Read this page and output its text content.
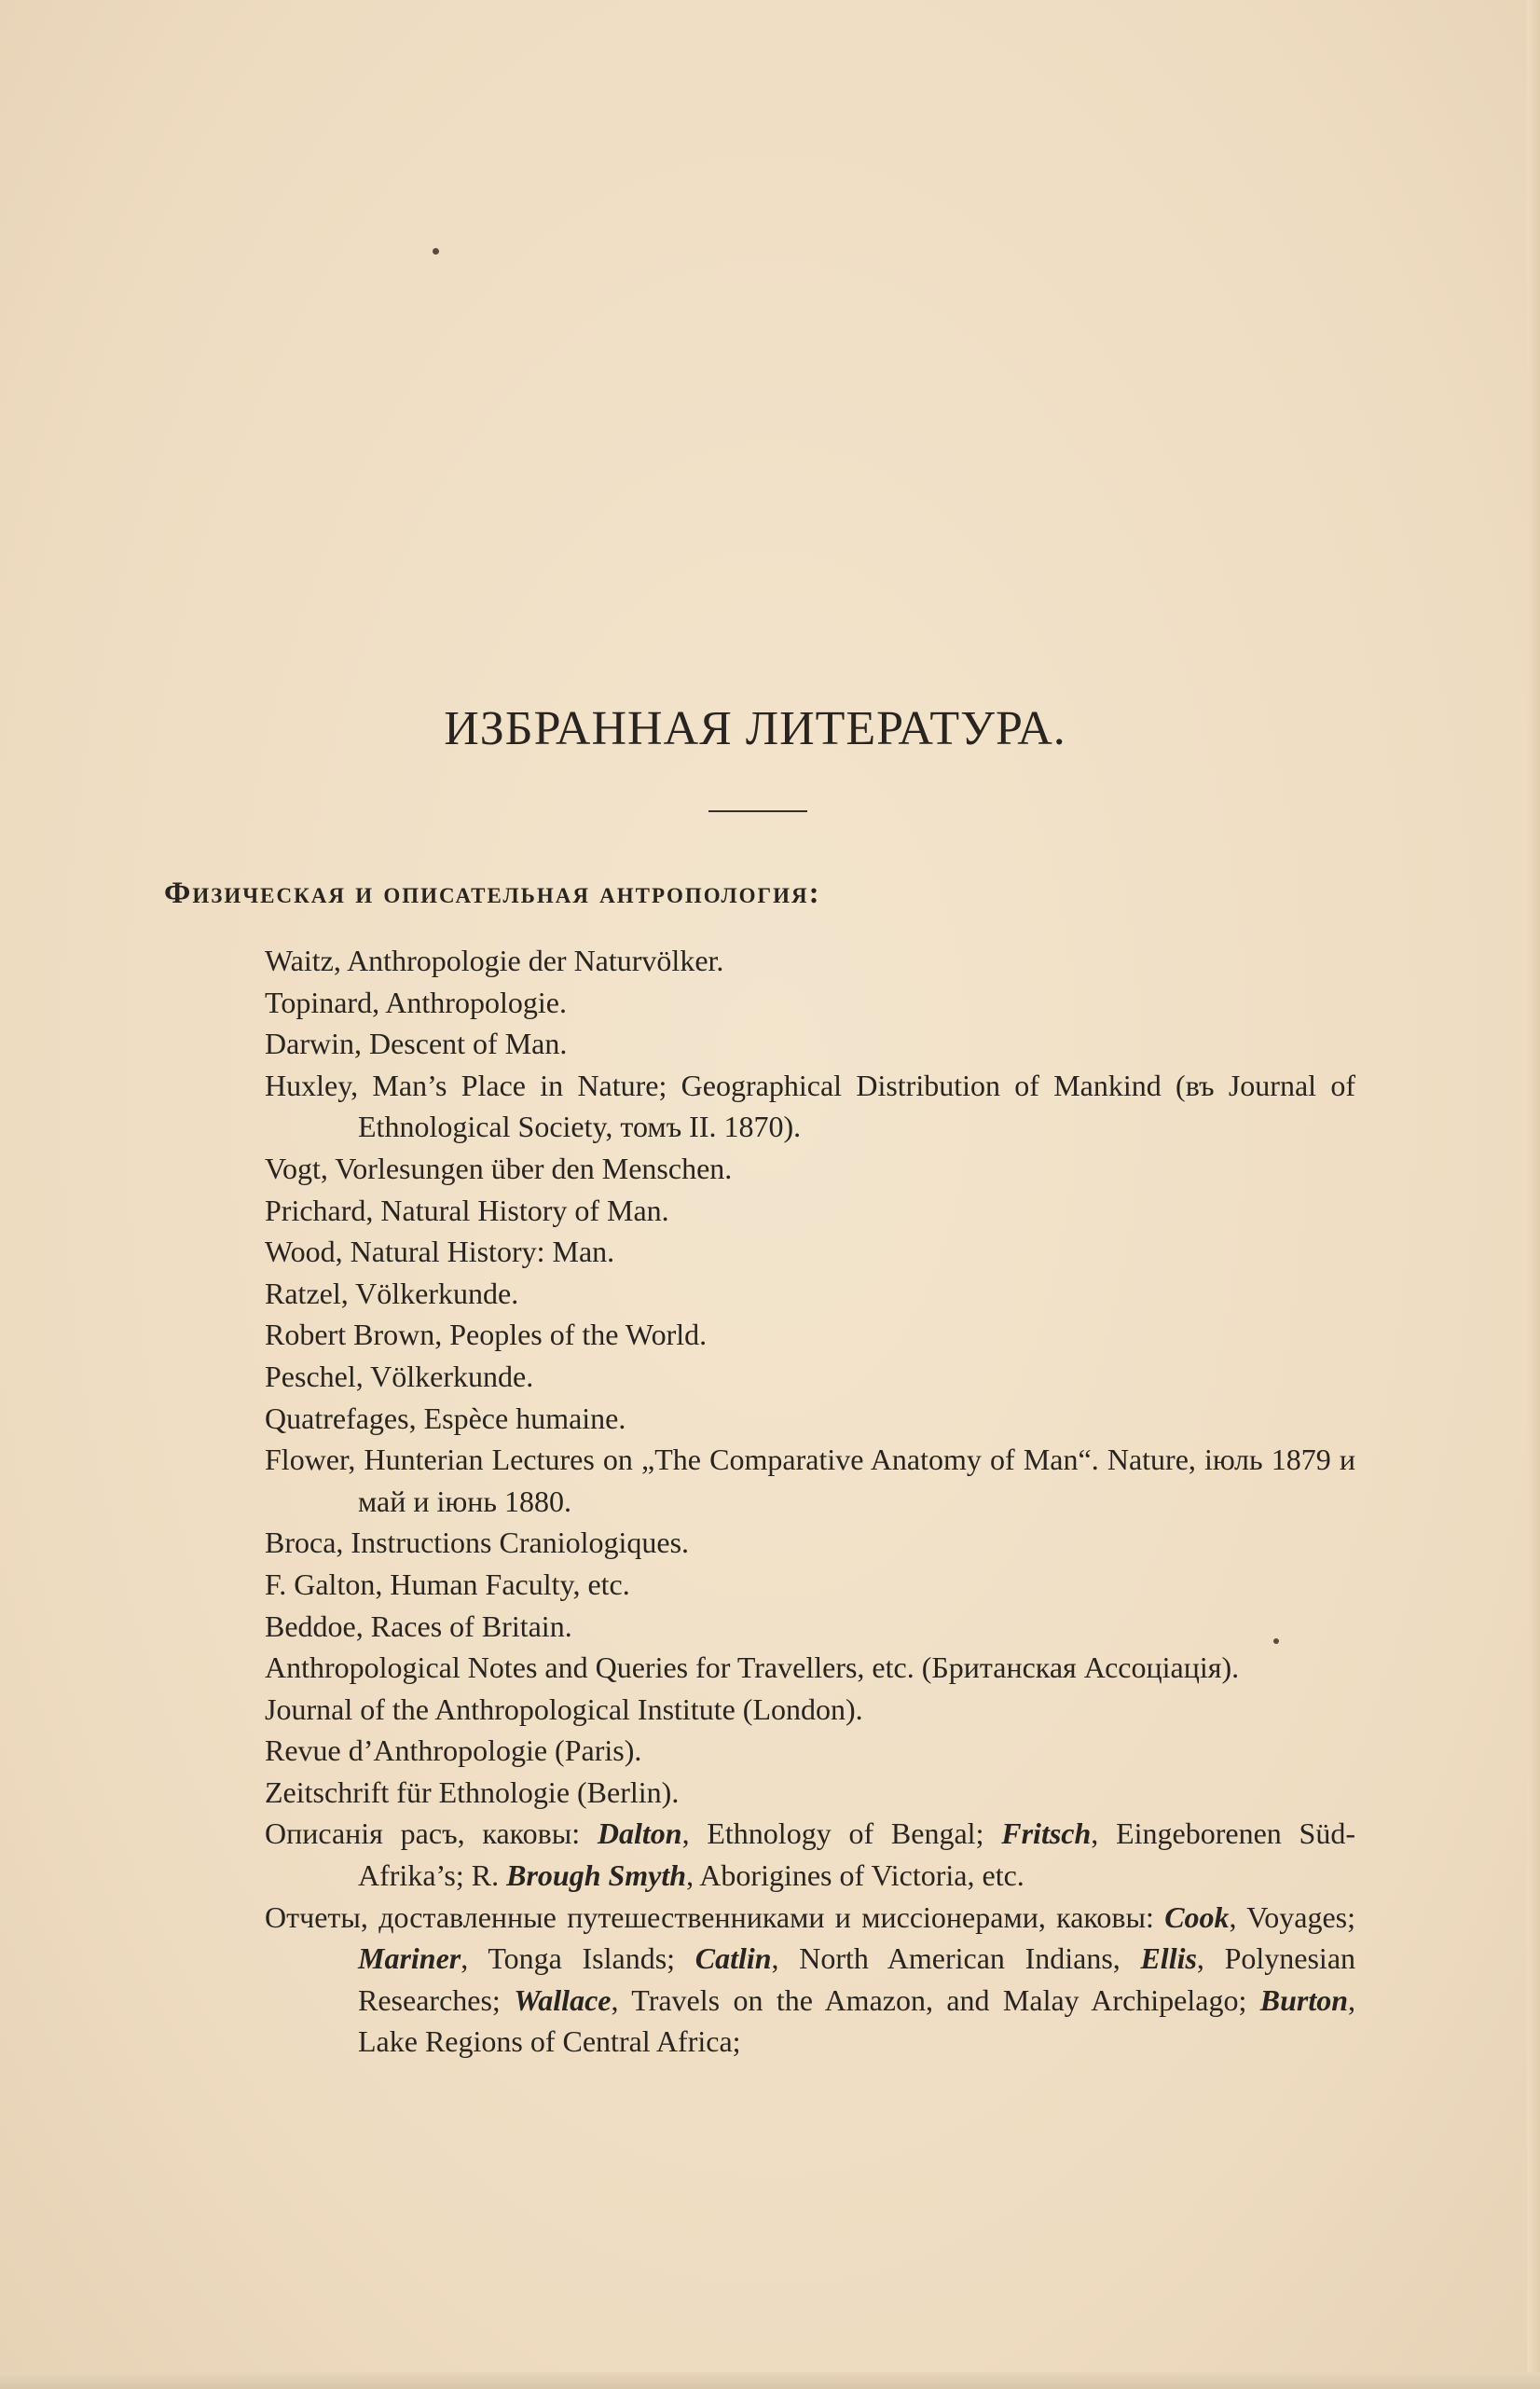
ИЗБРАННАЯ ЛИТЕРАТУРА.
Физическая и описательная антропология:
Waitz, Anthropologie der Naturvölker.
Topinard, Anthropologie.
Darwin, Descent of Man.
Huxley, Man’s Place in Nature; Geographical Distribution of Mankind (въ Journal of Ethnological Society, томъ II. 1870).
Vogt, Vorlesungen über den Menschen.
Prichard, Natural History of Man.
Wood, Natural History: Man.
Ratzel, Völkerkunde.
Robert Brown, Peoples of the World.
Peschel, Völkerkunde.
Quatrefages, Espèce humaine.
Flower, Hunterian Lectures on „The Comparative Anatomy of Man“. Nature, іюль 1879 и май и іюнь 1880.
Broca, Instructions Craniologiques.
F. Galton, Human Faculty, etc.
Beddoe, Races of Britain.
Anthropological Notes and Queries for Travellers, etc. (Британская Ассоціація).
Journal of the Anthropological Institute (London).
Revue d’Anthropologie (Paris).
Zeitschrift für Ethnologie (Berlin).
Описанія расъ, каковы: Dalton, Ethnology of Bengal; Fritsch, Eingeborenen Süd-Afrika’s; R. Brough Smyth, Aborigines of Victoria, etc.
Отчеты, доставленные путешественниками и миссіонерами, каковы: Cook, Voyages; Mariner, Tonga Islands; Catlin, North American Indians, Ellis, Polynesian Researches; Wallace, Travels on the Amazon, and Malay Archipelago; Burton, Lake Regions of Central Africa;
